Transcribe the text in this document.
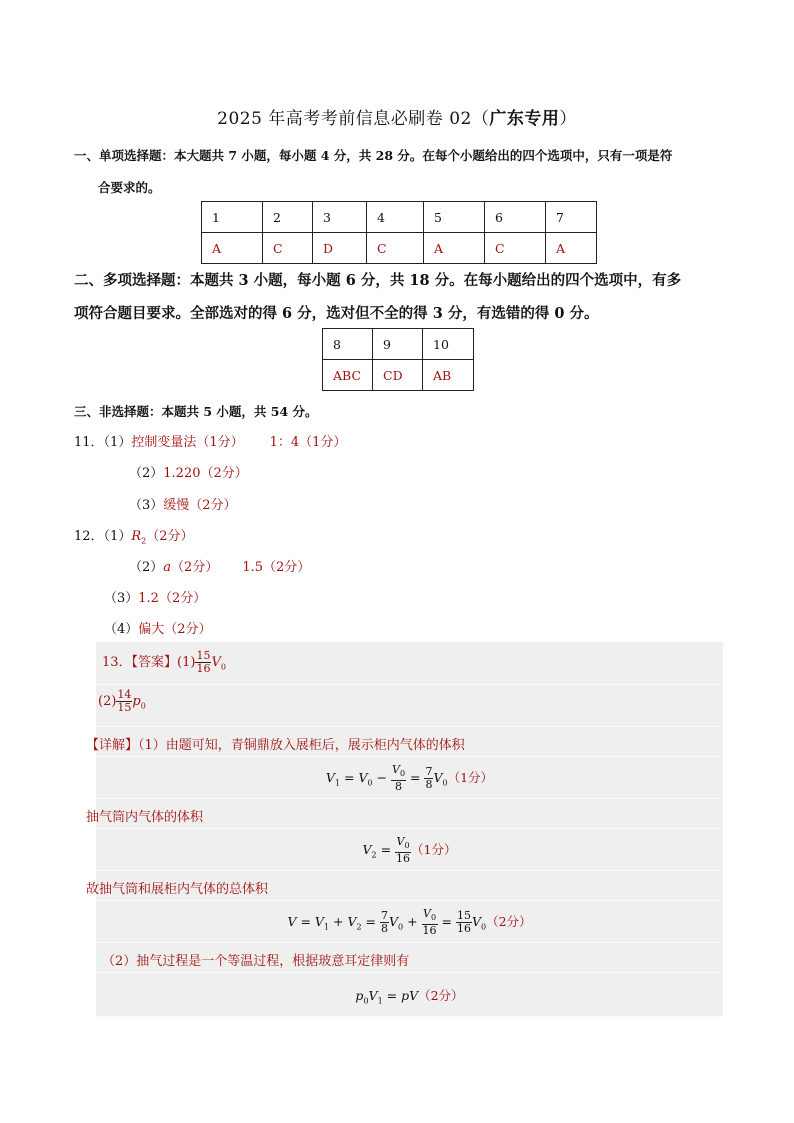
2025 年高考考前信息必刷卷 02（广东专用）
一、单项选择题：本大题共 7 小题，每小题 4 分，共 28 分。在每个小题给出的四个选项中，只有一项是符
合要求的。
1	2	3	4	5	6	7
A	C	D	C	A	C	A
二、多项选择题：本题共 3 小题，每小题 6 分，共 18 分。在每小题给出的四个选项中，有多
项符合题目要求。全部选对的得 6 分，选对但不全的得 3 分，有选错的得 0 分。
8	9	10
ABC	CD	AB
三、非选择题：本题共 5 小题，共 54 分。
11．（1）控制变量法（1分） 1：4（1分）
（2）1.220（2分）
（3）缓慢（2分）
12．$(1)R_2(2$分）
（2）a（2分） 1.5（2分）
（3）1.2（2分）
（4）偏大（2分）
13．【答案】$(1) \frac{15}{16} V_0$
$(2) \frac{14}{15} p_0$
【详解】（1）由题可知，青铜鼎放入展柜后，展示柜内气体的体积
$V_1 = V_0 - \frac{V_0}{8} = \frac{7}{8} V_0(1$分）
抽气筒内气体的体积
$V_2 = \frac{V_0}{16} (1$分）
故抽气筒和展柜内气体的总体积
$V = V_1 + V_2 = \frac{7}{8} V_0 + \frac{V_0}{16} = \frac{15}{16} V_0(2$分）
（2）抽气过程是一个等温过程，根据玻意耳定律则有
$p_0V_1 = pV(2$分）
